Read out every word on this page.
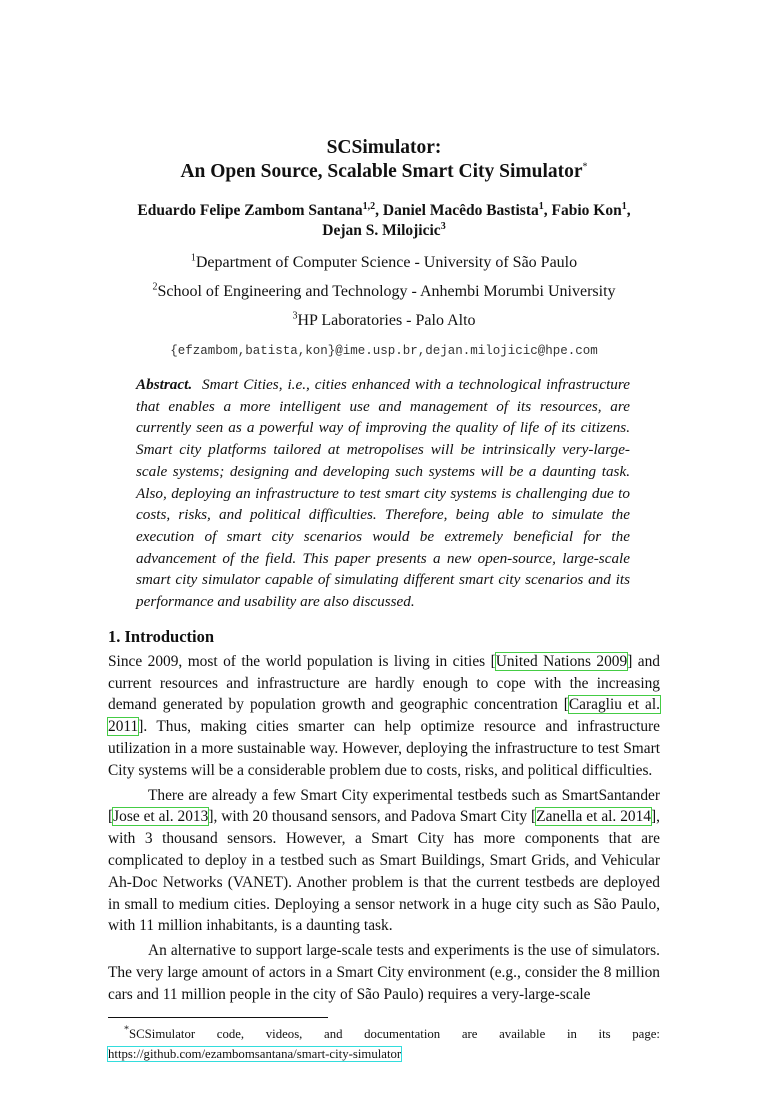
SCSimulator:
An Open Source, Scalable Smart City Simulator*
Eduardo Felipe Zambom Santana$^{1,2}$, Daniel Macêdo Bastista$^1$, Fabio Kon$^1$,
Dejan S. Milojicic$^3$
$^1$Department of Computer Science - University of São Paulo
$^2$School of Engineering and Technology - Anhembi Morumbi University
$^3$HP Laboratories - Palo Alto
{efzambom,batista,kon}@ime.usp.br,dejan.milojicic@hpe.com
Abstract. Smart Cities, i.e., cities enhanced with a technological infrastructure that enables a more intelligent use and management of its resources, are currently seen as a powerful way of improving the quality of life of its citizens. Smart city platforms tailored at metropolises will be intrinsically very-large-scale systems; designing and developing such systems will be a daunting task. Also, deploying an infrastructure to test smart city systems is challenging due to costs, risks, and political difficulties. Therefore, being able to simulate the execution of smart city scenarios would be extremely beneficial for the advancement of the field. This paper presents a new open-source, large-scale smart city simulator capable of simulating different smart city scenarios and its performance and usability are also discussed.
1. Introduction

Since 2009, most of the world population is living in cities [United Nations 2009] and current resources and infrastructure are hardly enough to cope with the increasing demand generated by population growth and geographic concentration [Caragliu et al. 2011]. Thus, making cities smarter can help optimize resource and infrastructure utilization in a more sustainable way. However, deploying the infrastructure to test Smart City systems will be a considerable problem due to costs, risks, and political difficulties.

There are already a few Smart City experimental testbeds such as SmartSantander [Jose et al. 2013], with 20 thousand sensors, and Padova Smart City [Zanella et al. 2014], with 3 thousand sensors. However, a Smart City has more components that are complicated to deploy in a testbed such as Smart Buildings, Smart Grids, and Vehicular Ah-Doc Networks (VANET). Another problem is that the current testbeds are deployed in small to medium cities. Deploying a sensor network in a huge city such as São Paulo, with 11 million inhabitants, is a daunting task.

An alternative to support large-scale tests and experiments is the use of simulators. The very large amount of actors in a Smart City environment (e.g., consider the 8 million cars and 11 million people in the city of São Paulo) requires a very-large-scale

*SCSimulator code, videos, and documentation are available in its page:
https://github.com/ezambomsantana/smart-city-simulator
